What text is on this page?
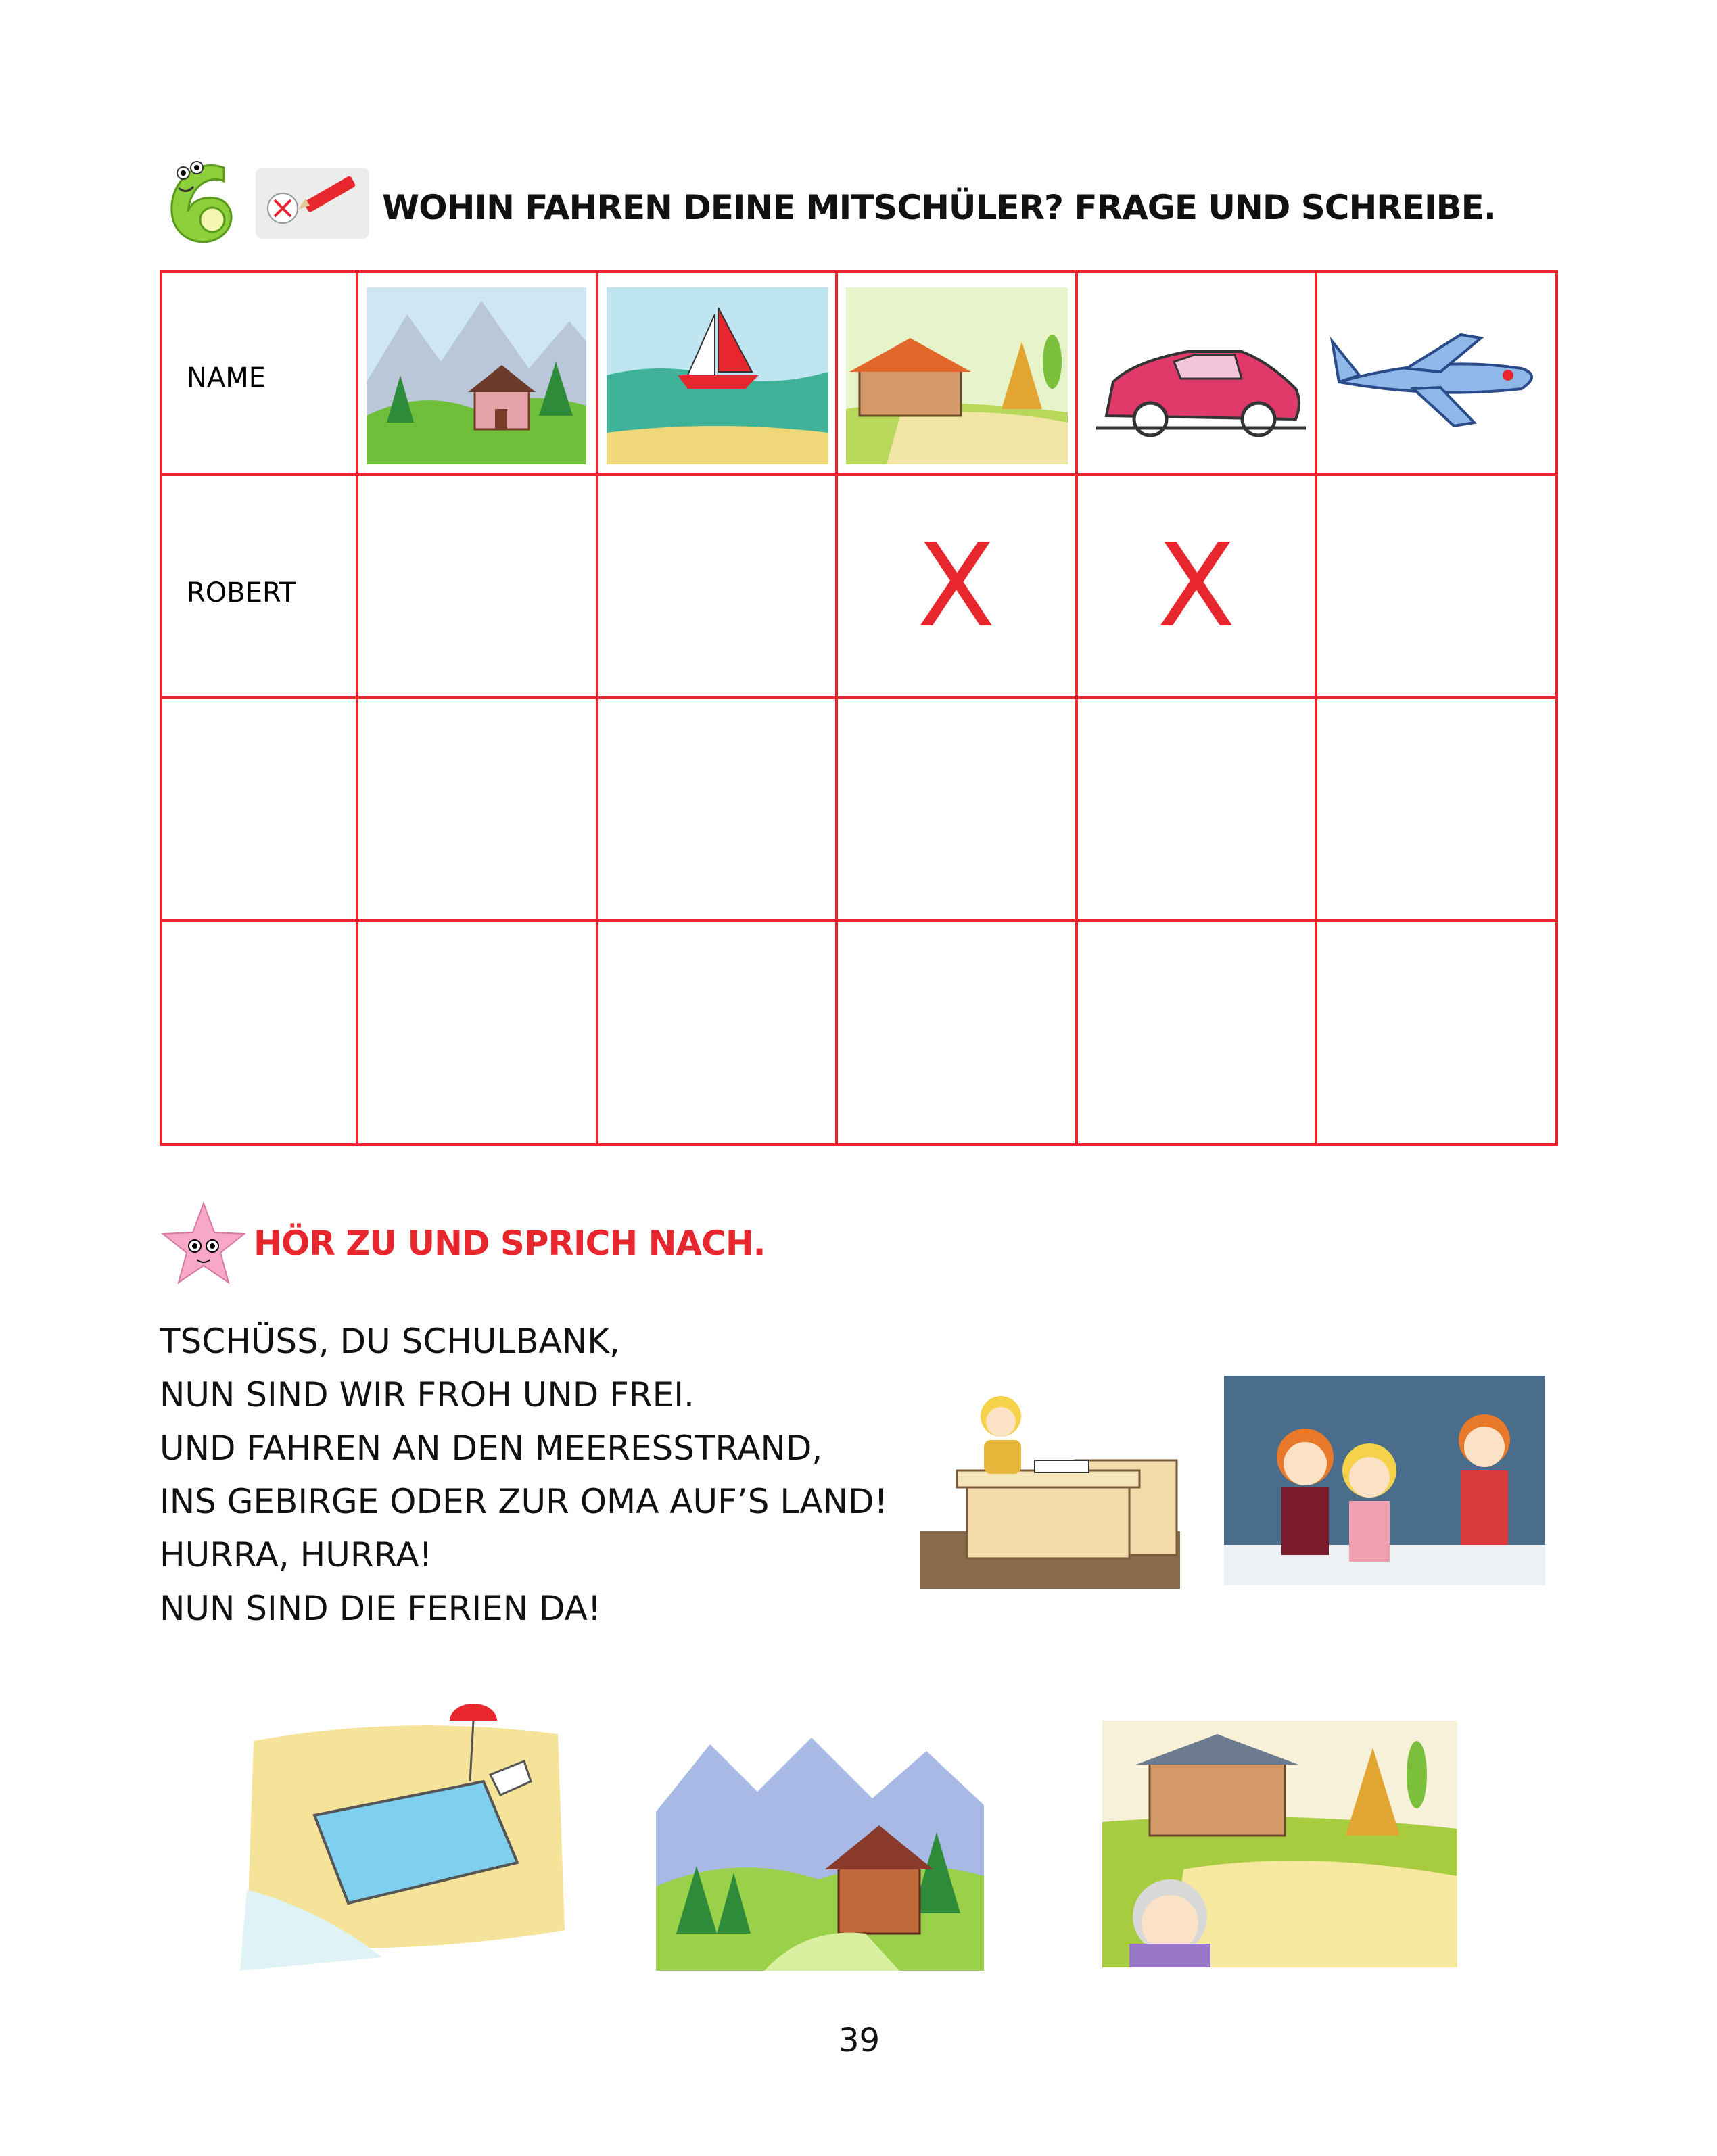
WOHIN FAHREN DEINE MITSCHÜLER? FRAGE UND SCHREIBE.
NAME
ROBERT	X X
HÖR ZU UND SPRICH NACH.
TSCHÜSS, DU SCHULBANK,
NUN SIND WIR FROH UND FREI.
UND FAHREN AN DEN MEERESSTRAND,
INS GEBIRGE ODER ZUR OMA AUF’S LAND!
HURRA, HURRA!
NUN SIND DIE FERIEN DA!
39
